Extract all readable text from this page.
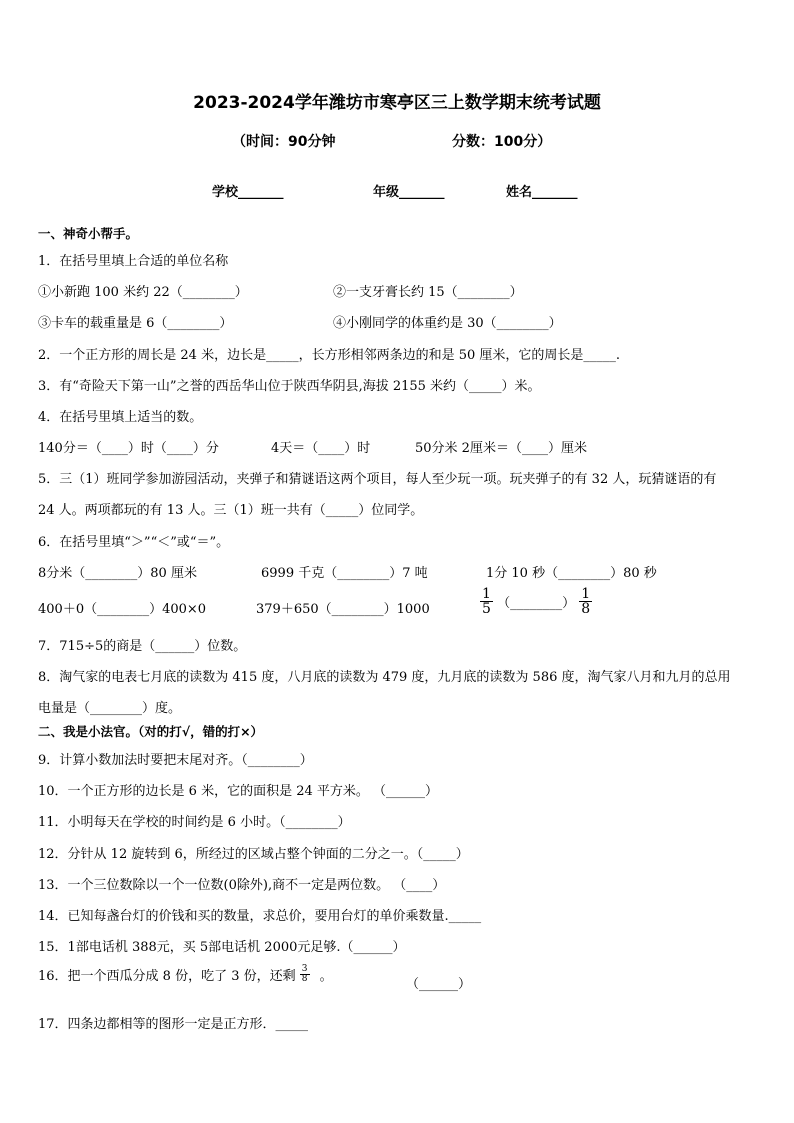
2023-2024学年潍坊市寒亭区三上数学期末统考试题
（时间：90分钟	分数：100分）
学校_______	年级_______	姓名_______
一、神奇小帮手。
1．在括号里填上合适的单位名称
①小新跑 100 米约 22（________）	②一支牙膏长约 15（________）
③卡车的载重量是 6（________）	④小刚同学的体重约是 30（________）
2．一个正方形的周长是 24 米，边长是_____，长方形相邻两条边的和是 50 厘米，它的周长是_____.
3．有“奇险天下第一山”之誉的西岳华山位于陕西华阴县,海拔 2155 米约（_____）米。
4．在括号里填上适当的数。
140分＝（____）时（____）分	4天＝（____）时	50分米 2厘米＝（____）厘米
5．三（1）班同学参加游园活动，夹弹子和猜谜语这两个项目，每人至少玩一项。玩夹弹子的有 32 人，玩猜谜语的有
24 人。两项都玩的有 13 人。三（1）班一共有（_____）位同学。
6．在括号里填“＞”“＜”或“＝”。
8分米（________）80 厘米	6999 千克（________）7 吨	1分 10 秒（________）80 秒
400＋0（________）400×0	379＋650（________）1000	$\frac{1}{5}$ （________） $\frac{1}{8}$
7．715÷5的商是（______）位数。
8．淘气家的电表七月底的读数为 415 度，八月底的读数为 479 度，九月底的读数为 586 度，淘气家八月和九月的总用
电量是（________）度。
二、我是小法官。（对的打√，错的打×）
9．计算小数加法时要把末尾对齐。（________）
10．一个正方形的边长是 6 米，它的面积是 24 平方米。 （______）
11．小明每天在学校的时间约是 6 小时。（________）
12．分针从 12 旋转到 6，所经过的区域占整个钟面的二分之一。（_____）
13．一个三位数除以一个一位数(0除外),商不一定是两位数。 （____）
14．已知每盏台灯的价钱和买的数量，求总价，要用台灯的单价乘数量._____
15．1部电话机 388元，买 5部电话机 2000元足够.（______）
16．把一个西瓜分成 8 份，吃了 3 份，还剩 $\frac{3}{8}$ 。
（______）
17．四条边都相等的图形一定是正方形．_____
